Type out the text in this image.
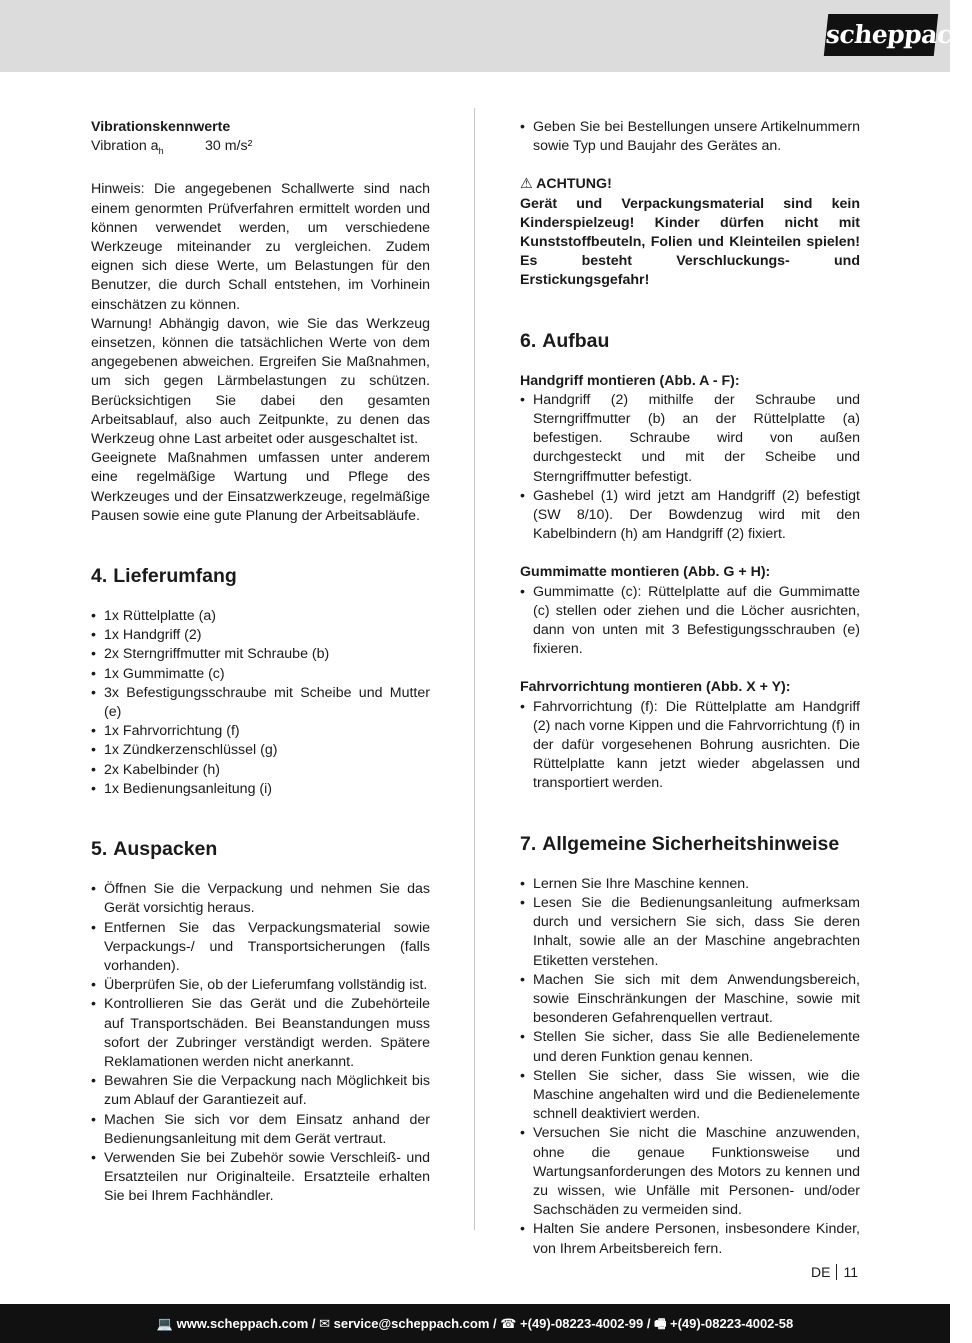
scheppach

Vibrationskennwerte

Vibration $a_h$	30 m/s²

Hinweis: Die angegebenen Schallwerte sind nach einem genormten Prüfverfahren ermittelt worden und können verwendet werden, um verschiedene Werkzeuge miteinander zu vergleichen. Zudem eignen sich diese Werte, um Belastungen für den Benutzer, die durch Schall entstehen, im Vorhinein einschätzen zu können.

Warnung! Abhängig davon, wie Sie das Werkzeug einsetzen, können die tatsächlichen Werte von dem angegebenen abweichen. Ergreifen Sie Maßnahmen, um sich gegen Lärmbelastungen zu schützen. Berücksichtigen Sie dabei den gesamten Arbeitsablauf, also auch Zeitpunkte, zu denen das Werkzeug ohne Last arbeitet oder ausgeschaltet ist.

Geeignete Maßnahmen umfassen unter anderem eine regelmäßige Wartung und Pflege des Werkzeuges und der Einsatzwerkzeuge, regelmäßige Pausen sowie eine gute Planung der Arbeitsabläufe.

4. Lieferumfang
• 1x Rüttelplatte (a)
• 1x Handgriff (2)
• 2x Sterngriffmutter mit Schraube (b)
• 1x Gummimatte (c)
• 3x Befestigungsschraube mit Scheibe und Mutter (e)
• 1x Fahrvorrichtung (f)
• 1x Zündkerzenschlüssel (g)
• 2x Kabelbinder (h)
• 1x Bedienungsanleitung (i)
5. Auspacken
• Öffnen Sie die Verpackung und nehmen Sie das Gerät vorsichtig heraus.
• Entfernen Sie das Verpackungsmaterial sowie Verpackungs-/ und Transportsicherungen (falls vorhanden).
• Überprüfen Sie, ob der Lieferumfang vollständig ist.
• Kontrollieren Sie das Gerät und die Zubehörteile auf Transportschäden. Bei Beanstandungen muss sofort der Zubringer verständigt werden. Spätere Reklamationen werden nicht anerkannt.
• Bewahren Sie die Verpackung nach Möglichkeit bis zum Ablauf der Garantiezeit auf.
• Machen Sie sich vor dem Einsatz anhand der Bedienungsanleitung mit dem Gerät vertraut.
• Verwenden Sie bei Zubehör sowie Verschleiß- und Ersatzteilen nur Originalteile. Ersatzteile erhalten Sie bei Ihrem Fachhändler.
• Geben Sie bei Bestellungen unsere Artikelnummern sowie Typ und Baujahr des Gerätes an.

⚠ ACHTUNG!

Gerät und Verpackungsmaterial sind kein Kinderspielzeug! Kinder dürfen nicht mit Kunststoffbeuteln, Folien und Kleinteilen spielen! Es besteht Verschluckungs- und Erstickungsgefahr!

6. Aufbau

Handgriff montieren (Abb. A - F):

• Handgriff (2) mithilfe der Schraube und Sterngriffmutter (b) an der Rüttelplatte (a) befestigen. Schraube wird von außen durchgesteckt und mit der Scheibe und Sterngriffmutter befestigt.
• Gashebel (1) wird jetzt am Handgriff (2) befestigt (SW 8/10). Der Bowdenzug wird mit den Kabelbindern (h) am Handgriff (2) fixiert.

Gummimatte montieren (Abb. G + H):

• Gummimatte (c): Rüttelplatte auf die Gummimatte (c) stellen oder ziehen und die Löcher ausrichten, dann von unten mit 3 Befestigungsschrauben (e) fixieren.

Fahrvorrichtung montieren (Abb. X + Y):

• Fahrvorrichtung (f): Die Rüttelplatte am Handgriff (2) nach vorne Kippen und die Fahrvorrichtung (f) in der dafür vorgesehenen Bohrung ausrichten. Die Rüttelplatte kann jetzt wieder abgelassen und transportiert werden.
7. Allgemeine Sicherheitshinweise
• Lernen Sie Ihre Maschine kennen.
• Lesen Sie die Bedienungsanleitung aufmerksam durch und versichern Sie sich, dass Sie deren Inhalt, sowie alle an der Maschine angebrachten Etiketten verstehen.
• Machen Sie sich mit dem Anwendungsbereich, sowie Einschränkungen der Maschine, sowie mit besonderen Gefahrenquellen vertraut.
• Stellen Sie sicher, dass Sie alle Bedienelemente und deren Funktion genau kennen.
• Stellen Sie sicher, dass Sie wissen, wie die Maschine angehalten wird und die Bedienelemente schnell deaktiviert werden.
• Versuchen Sie nicht die Maschine anzuwenden, ohne die genaue Funktionsweise und Wartungsanforderungen des Motors zu kennen und zu wissen, wie Unfälle mit Personen- und/oder Sachschäden zu vermeiden sind.
• Halten Sie andere Personen, insbesondere Kinder, von Ihrem Arbeitsbereich fern.
DE 11
💻 www.scheppach.com / ✉ service@scheppach.com / ☎ +(49)-08223-4002-99 / 🖷 +(49)-08223-4002-58
